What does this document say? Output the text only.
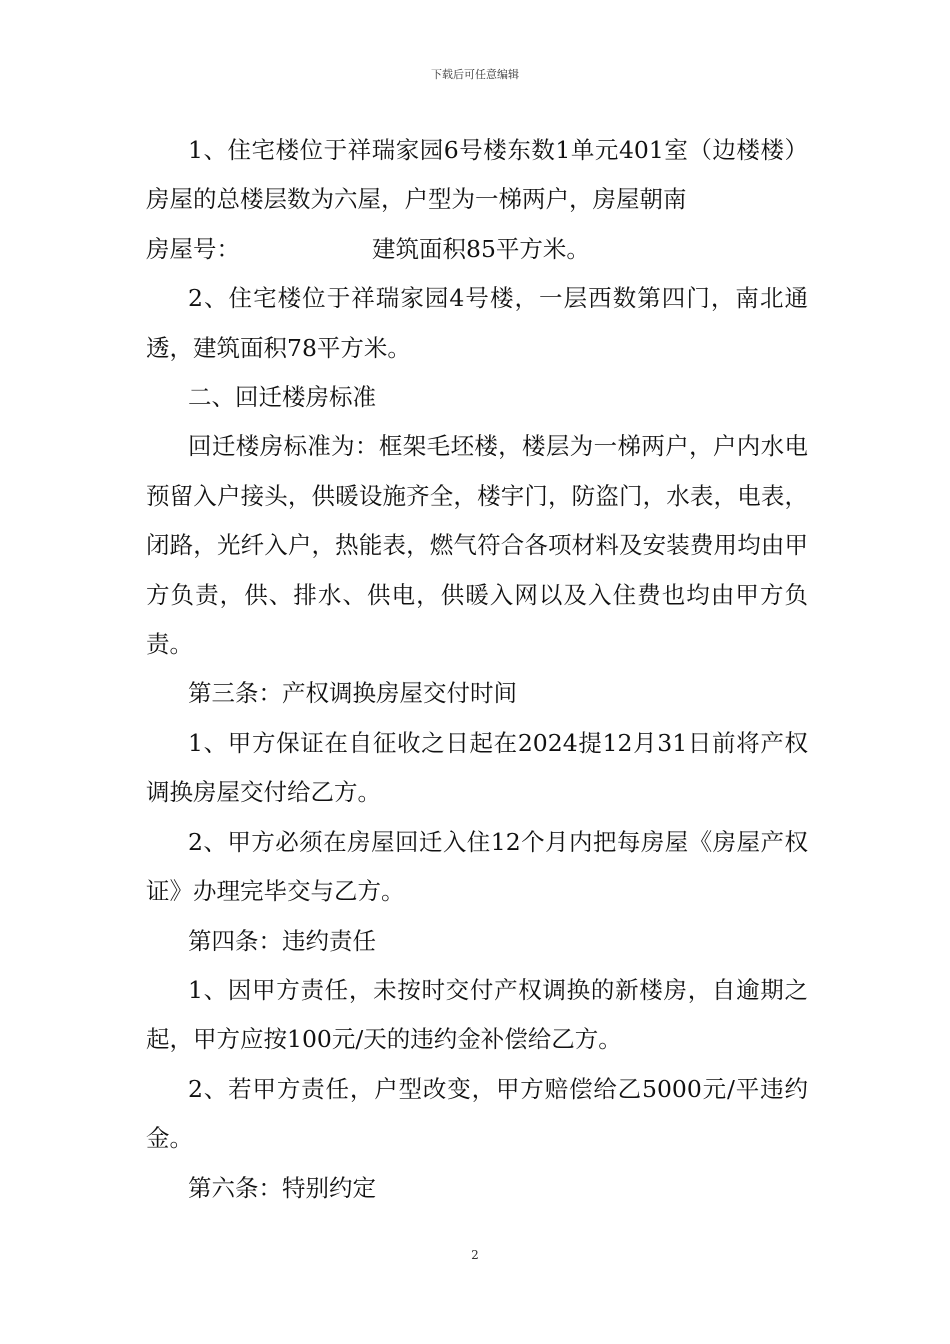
下载后可任意编辑

1、住宅楼位于祥瑞家园6号楼东数1单元401室（边楼楼）房屋的总楼层数为六屋，户型为一梯两户，房屋朝南

房屋号：	建筑面积85平方米。

2、住宅楼位于祥瑞家园4号楼，一层西数第四门，南北通透，建筑面积78平方米。

二、回迁楼房标准

回迁楼房标准为：框架毛坯楼，楼层为一梯两户，户内水电预留入户接头，供暖设施齐全，楼宇门，防盗门，水表，电表，闭路，光纤入户，热能表，燃气符合各项材料及安装费用均由甲方负责，供、排水、供电，供暖入网以及入住费也均由甲方负责。

第三条：产权调换房屋交付时间

1、甲方保证在自征收之日起在2024提12月31日前将产权调换房屋交付给乙方。

2、甲方必须在房屋回迁入住12个月内把每房屋《房屋产权证》办理完毕交与乙方。

第四条：违约责任

1、因甲方责任，未按时交付产权调换的新楼房，自逾期之起，甲方应按100元/天的违约金补偿给乙方。

2、若甲方责任，户型改变，甲方赔偿给乙5000元/平违约金。

第六条：特别约定

2
